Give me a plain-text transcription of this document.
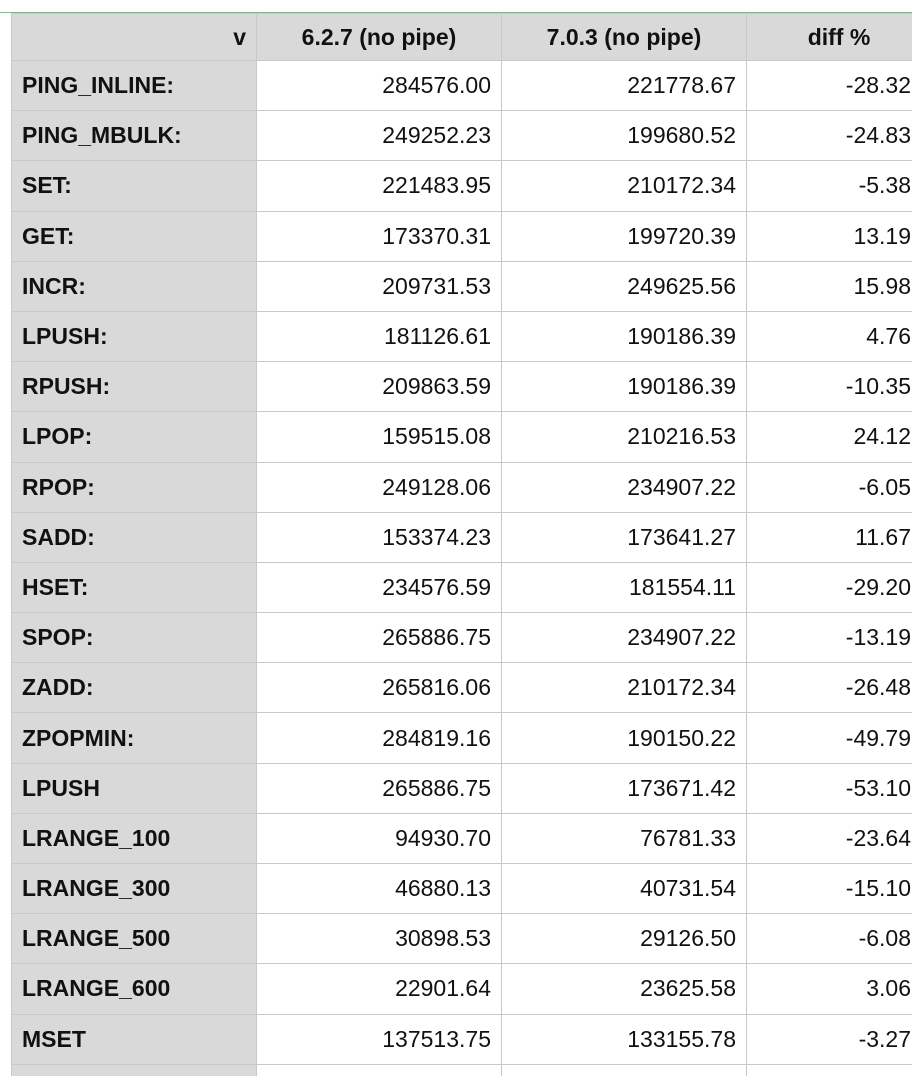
v	6.2.7 (no pipe)	7.0.3 (no pipe)	diff %
PING_INLINE:	284576.00	221778.67	-28.32
PING_MBULK:	249252.23	199680.52	-24.83
SET:	221483.95	210172.34	-5.38
GET:	173370.31	199720.39	13.19
INCR:	209731.53	249625.56	15.98
LPUSH:	181126.61	190186.39	4.76
RPUSH:	209863.59	190186.39	-10.35
LPOP:	159515.08	210216.53	24.12
RPOP:	249128.06	234907.22	-6.05
SADD:	153374.23	173641.27	11.67
HSET:	234576.59	181554.11	-29.20
SPOP:	265886.75	234907.22	-13.19
ZADD:	265816.06	210172.34	-26.48
ZPOPMIN:	284819.16	190150.22	-49.79
LPUSH	265886.75	173671.42	-53.10
LRANGE_100	94930.70	76781.33	-23.64
LRANGE_300	46880.13	40731.54	-15.10
LRANGE_500	30898.53	29126.50	-6.08
LRANGE_600	22901.64	23625.58	3.06
MSET	137513.75	133155.78	-3.27
